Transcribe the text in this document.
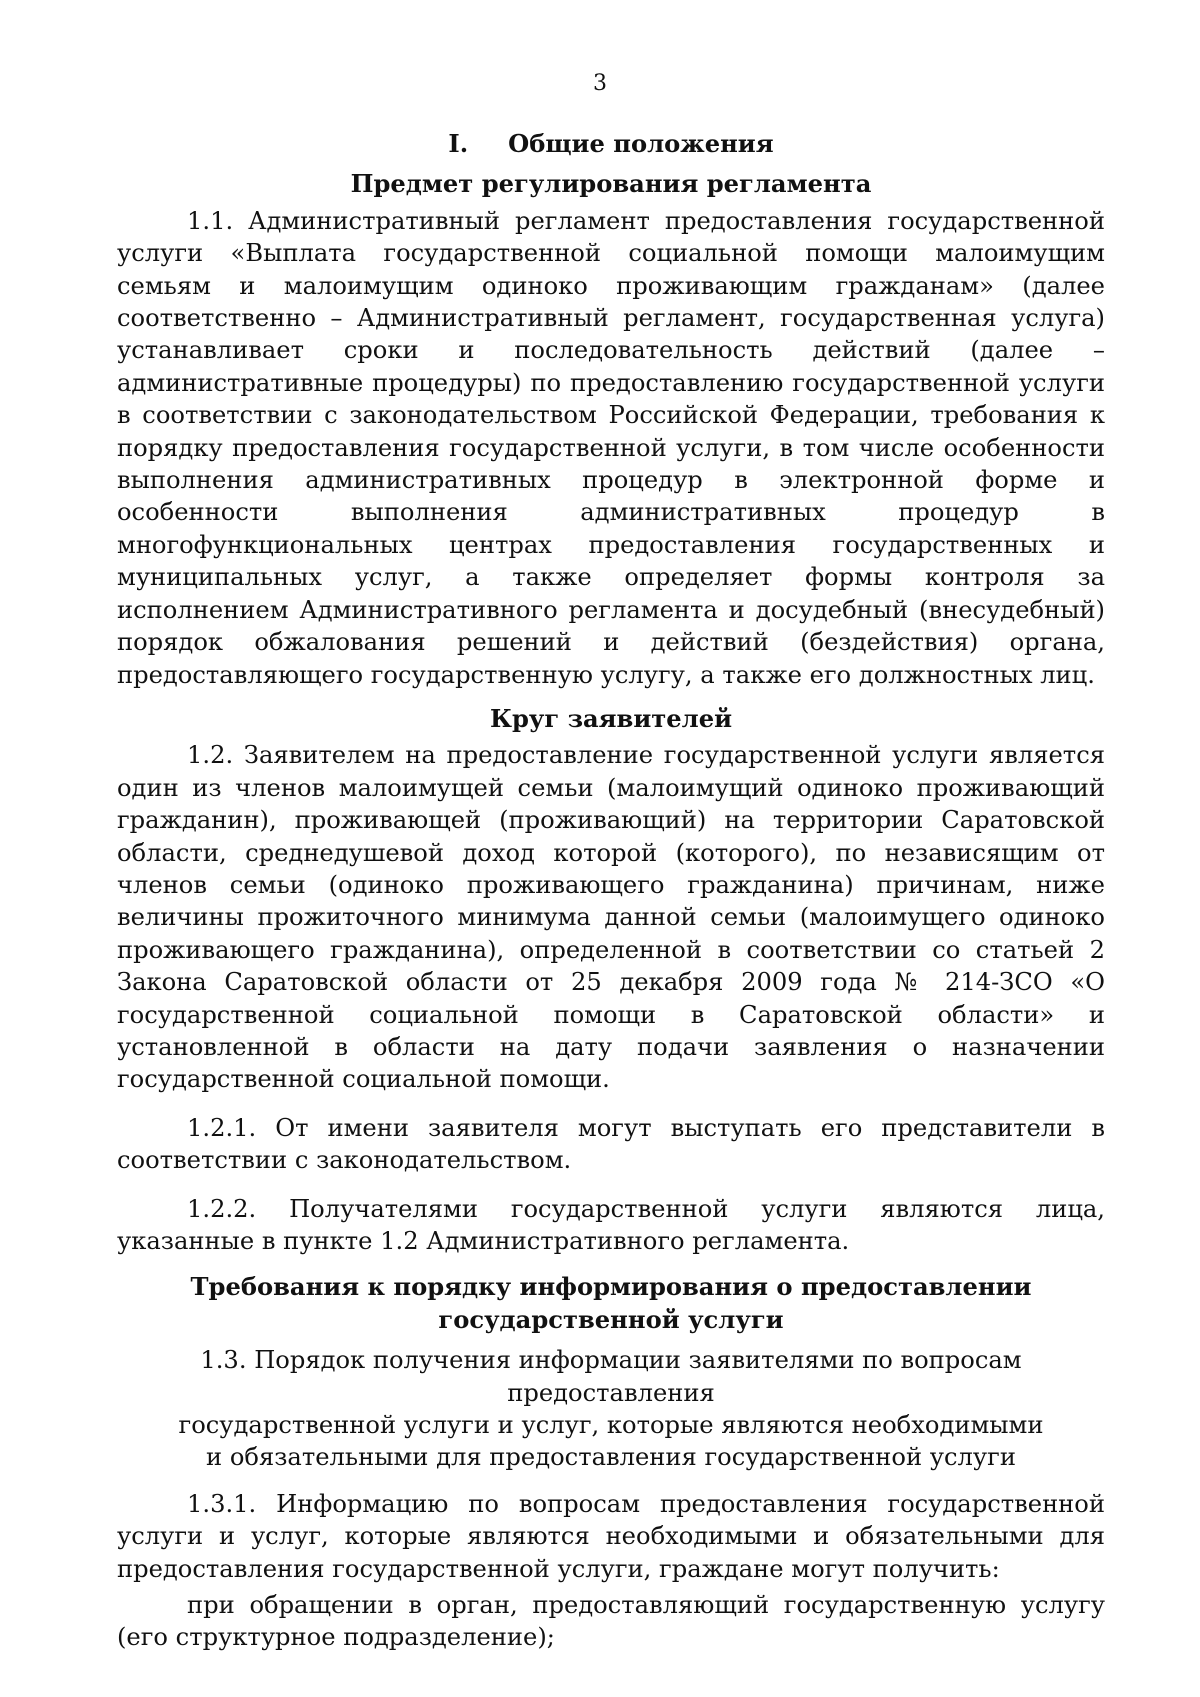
3
I. Общие положения
Предмет регулирования регламента

1.1. Административный регламент предоставления государственной услуги «Выплата государственной социальной помощи малоимущим семьям и малоимущим одиноко проживающим гражданам» (далее соответственно – Административный регламент, государственная услуга) устанавливает сроки и последовательность действий (далее – административные процедуры) по предоставлению государственной услуги в соответствии с законодательством Российской Федерации, требования к порядку предоставления государственной услуги, в том числе особенности выполнения административных процедур в электронной форме и особенности выполнения административных процедур в многофункциональных центрах предоставления государственных и муниципальных услуг, а также определяет формы контроля за исполнением Административного регламента и досудебный (внесудебный) порядок обжалования решений и действий (бездействия) органа, предоставляющего государственную услугу, а также его должностных лиц.

Круг заявителей

1.2. Заявителем на предоставление государственной услуги является один из членов малоимущей семьи (малоимущий одиноко проживающий гражданин), проживающей (проживающий) на территории Саратовской области, среднедушевой доход которой (которого), по независящим от членов семьи (одиноко проживающего гражданина) причинам, ниже величины прожиточного минимума данной семьи (малоимущего одиноко проживающего гражданина), определенной в соответствии со статьей 2 Закона Саратовской области от 25 декабря 2009 года № 214-ЗСО «О государственной социальной помощи в Саратовской области» и установленной в области на дату подачи заявления о назначении государственной социальной помощи.

1.2.1. От имени заявителя могут выступать его представители в соответствии с законодательством.

1.2.2. Получателями государственной услуги являются лица, указанные в пункте 1.2 Административного регламента.

Требования к порядку информирования о предоставлении государственной услуги
1.3. Порядок получения информации заявителями по вопросам предоставления
государственной услуги и услуг, которые являются необходимыми
и обязательными для предоставления государственной услуги

1.3.1. Информацию по вопросам предоставления государственной услуги и услуг, которые являются необходимыми и обязательными для предоставления государственной услуги, граждане могут получить:

при обращении в орган, предоставляющий государственную услугу (его структурное подразделение);
